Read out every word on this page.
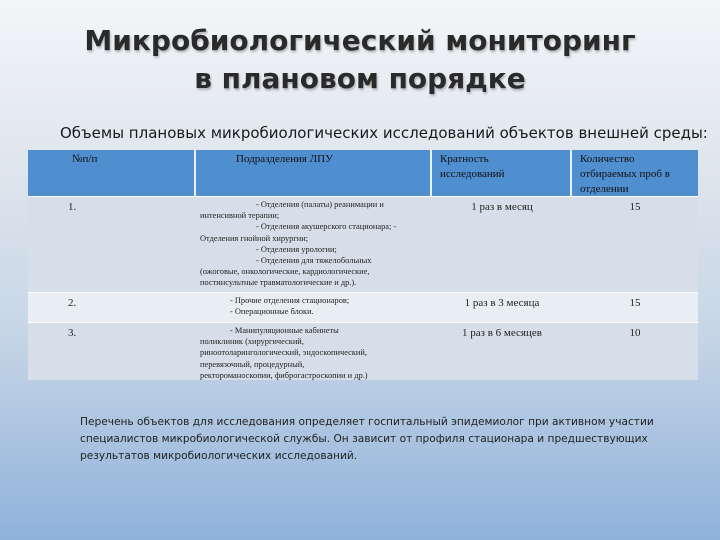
Микробиологический мониторинг
в плановом порядке
Объемы плановых микробиологических исследований объектов внешней среды:
№п/п	Подразделения ЛПУ	Кратность
исследований
Количество
отбираемых проб в
отделении
1.	- Отделения (палаты) реанимации и
интенсивной терапии;
- Отделения акушерского стационара; -
Отделения гнойной хирургии;
- Отделения урологии;
- Отделения для тяжелобольных
(ожоговые, онкологические, кардиологические,
постинсультные травматологические и др.).
1 раз в месяц	15
2.	- Прочие отделения стационаров;
- Операционные блоки.
1 раз в 3 месяца	15
3.	- Манипуляционные кабинеты
поликлиник (хирургический,
риноотоларингологический, эндоскопический,
перевязочный, процедурный,
ректороманоскопии, фиброгастроскопии и др.)
1 раз в 6 месяцев	10
Перечень объектов для исследования определяет госпитальный эпидемиолог при активном участии специалистов микробиологической службы. Он зависит от профиля стационара и предшествующих результатов микробиологических исследований.
